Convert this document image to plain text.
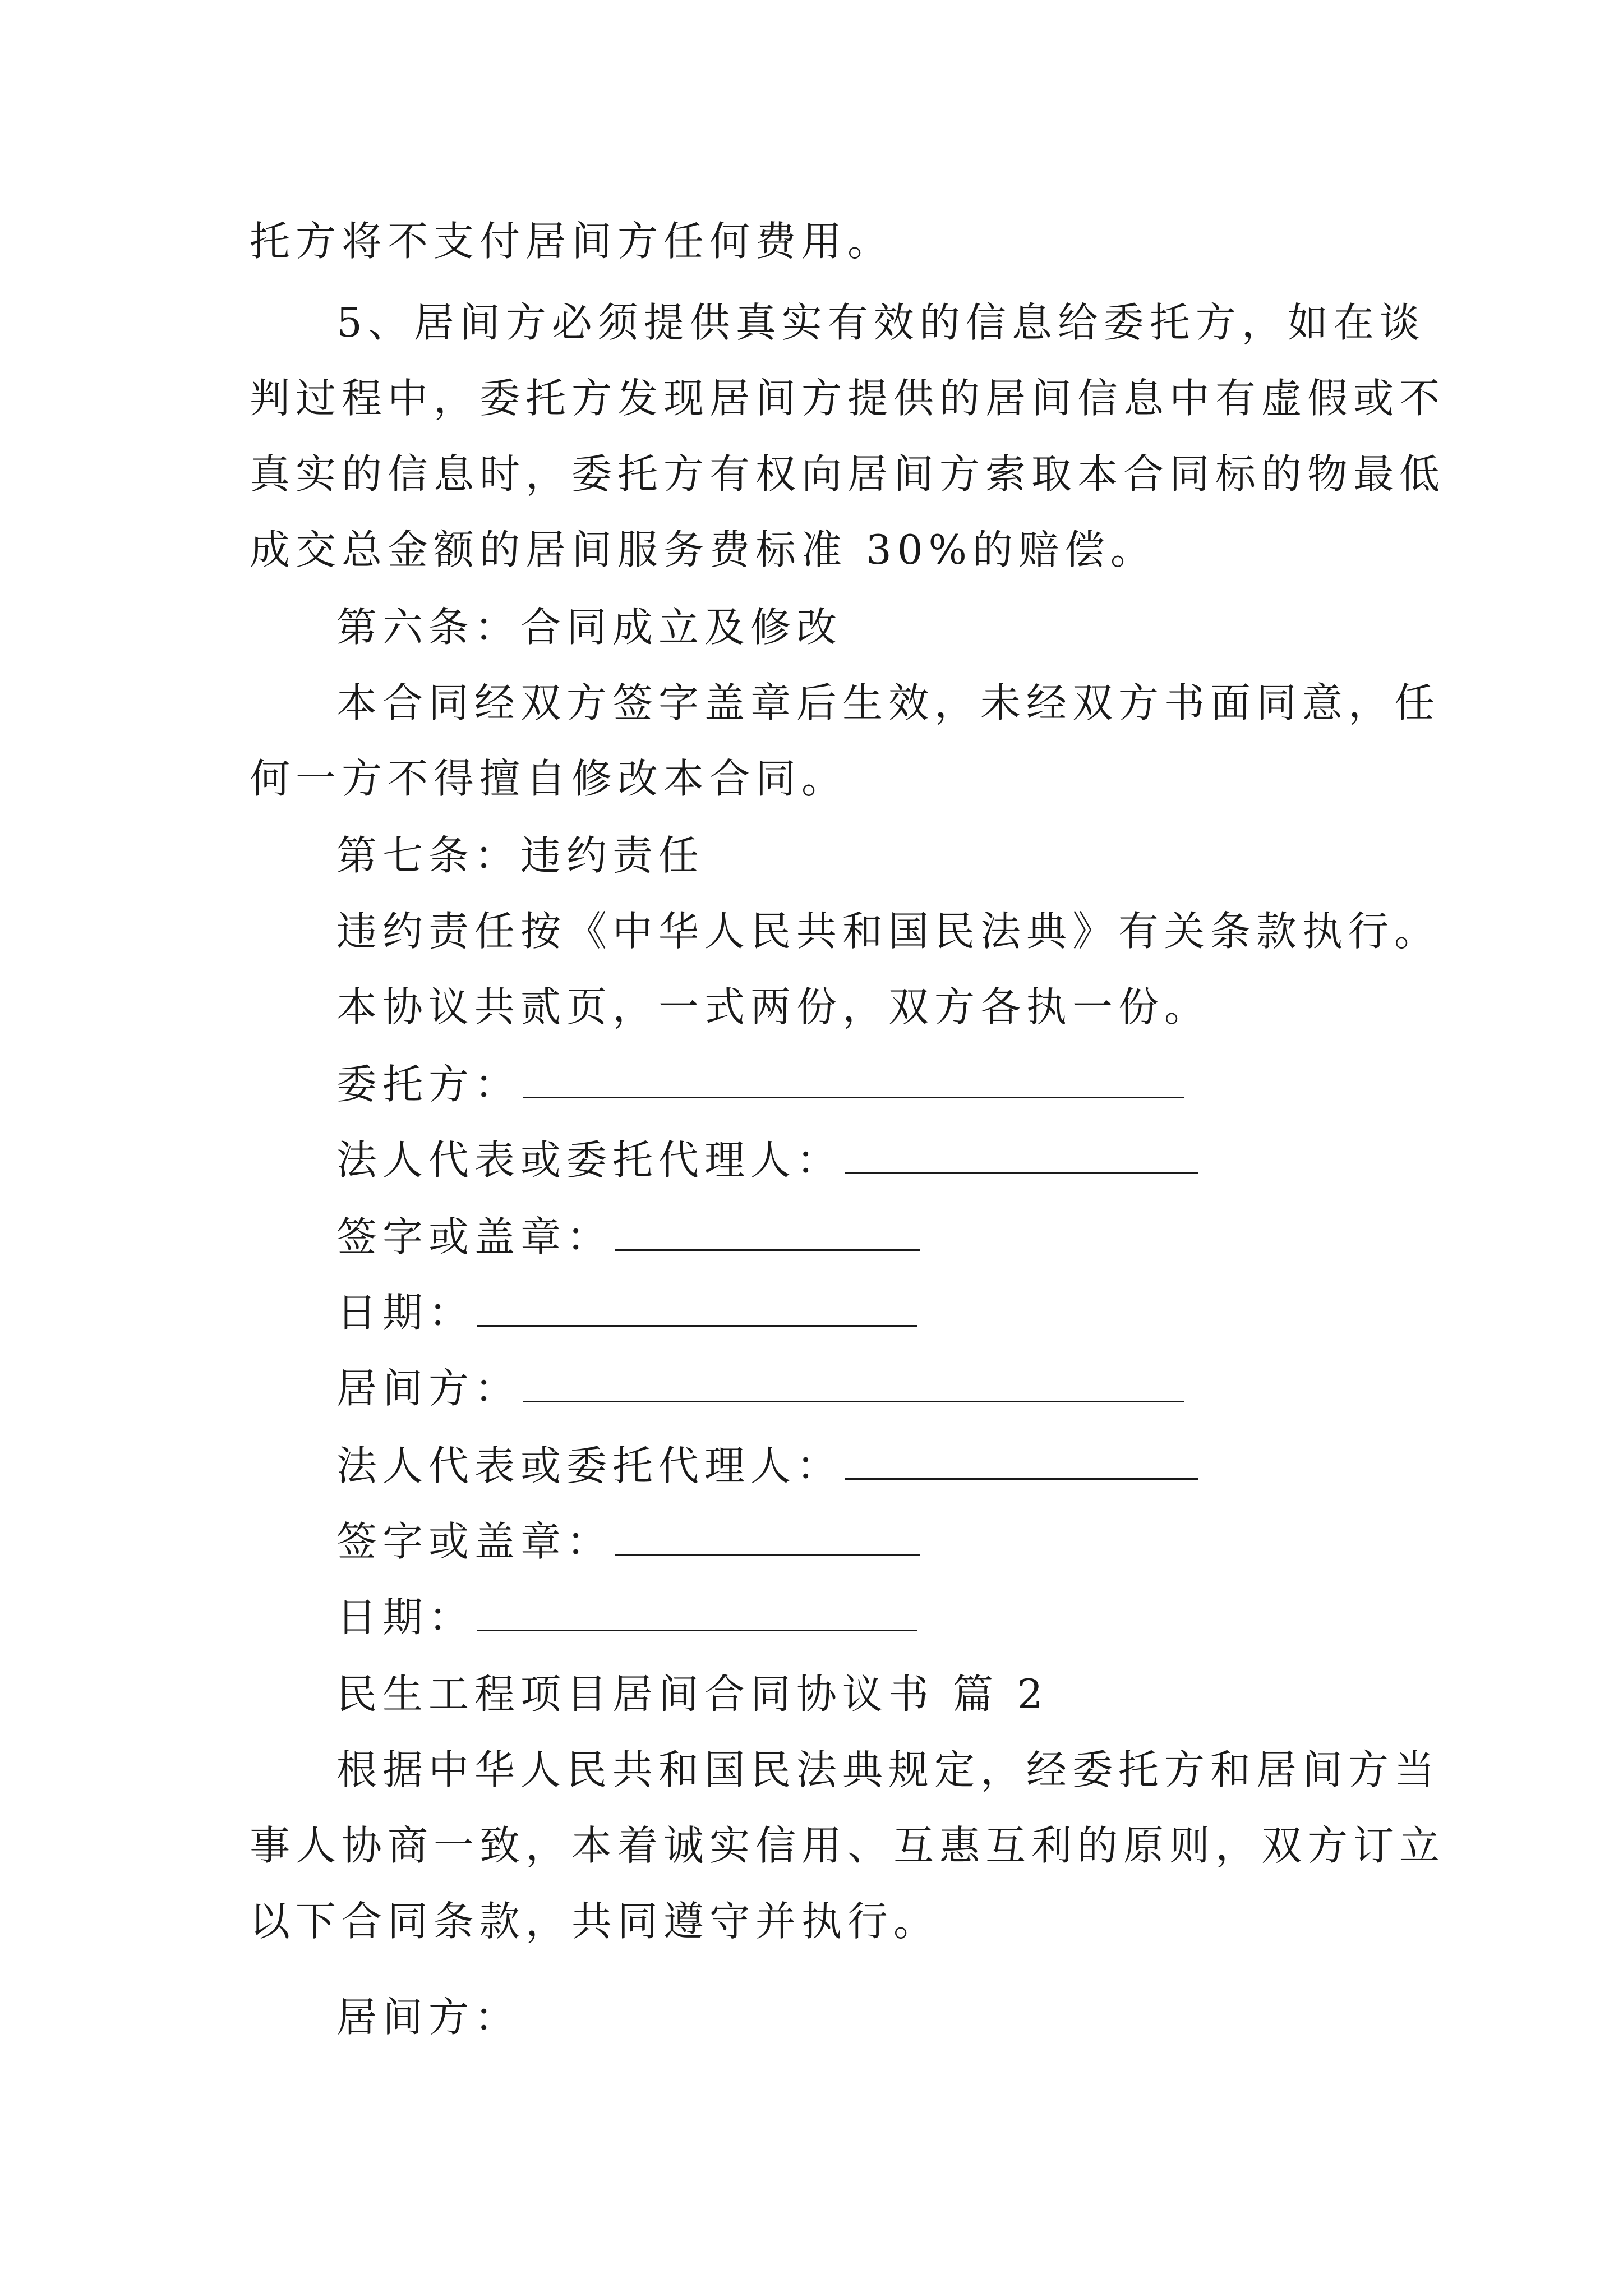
托方将不支付居间方任何费用。
5、居间方必须提供真实有效的信息给委托方，如在谈
判过程中，委托方发现居间方提供的居间信息中有虚假或不
真实的信息时，委托方有权向居间方索取本合同标的物最低
成交总金额的居间服务费标准 30%的赔偿。
第六条：合同成立及修改
本合同经双方签字盖章后生效，未经双方书面同意，任
何一方不得擅自修改本合同。
第七条：违约责任
违约责任按《中华人民共和国民法典》有关条款执行。
本协议共贰页，一式两份，双方各执一份。
委托方：
法人代表或委托代理人：
签字或盖章：
日期：
居间方：
法人代表或委托代理人：
签字或盖章：
日期：
民生工程项目居间合同协议书 篇 2
根据中华人民共和国民法典规定，经委托方和居间方当
事人协商一致，本着诚实信用、互惠互利的原则，双方订立
以下合同条款，共同遵守并执行。
居间方：
